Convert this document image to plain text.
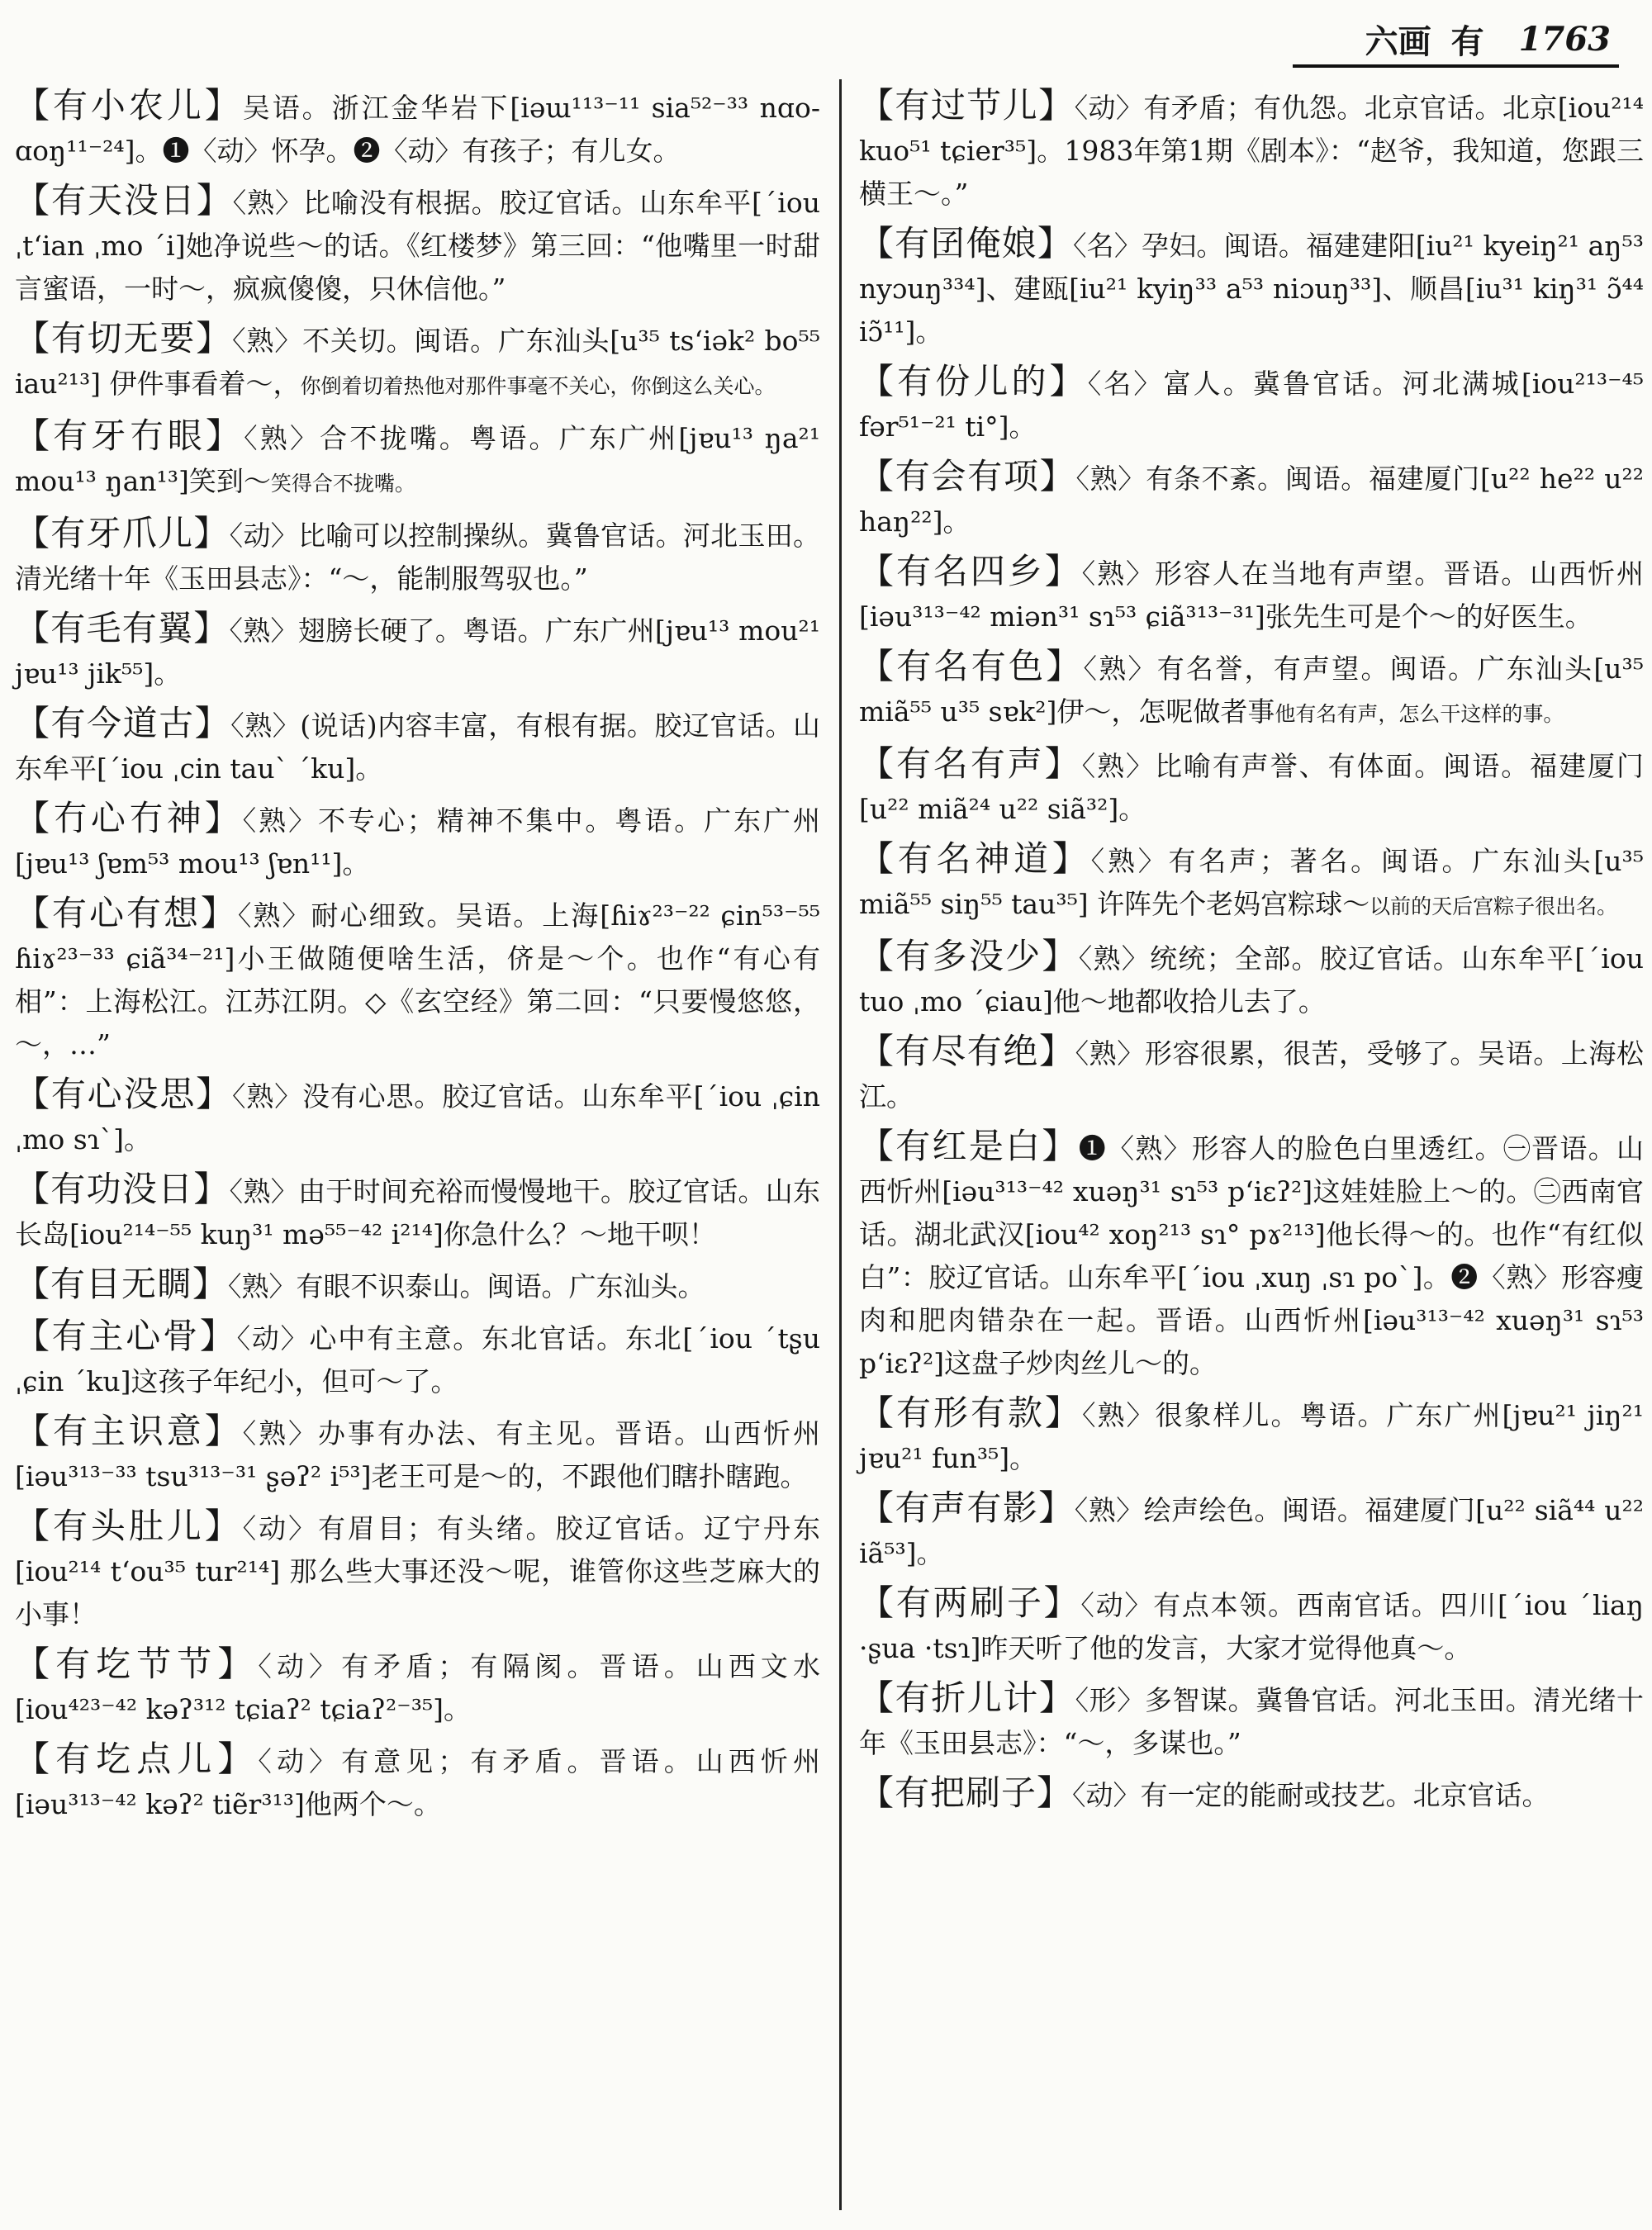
六画 有 1763
【有小农儿】吴语。浙江金华岩下[iəɯ¹¹³⁻¹¹ sia⁵²⁻³³ nɑo-ɑoŋ¹¹⁻²⁴]。❶〈动〉怀孕。❷〈动〉有孩子；有儿女。
【有天没日】〈熟〉比喻没有根据。胶辽官话。山东牟平[ˊiou ˌtʻian ˌmo ˊi]她净说些～的话。《红楼梦》第三回：“他嘴里一时甜言蜜语，一时～，疯疯傻傻，只休信他。”
【有切无要】〈熟〉不关切。闽语。广东汕头[u³⁵ tsʻiək² bo⁵⁵ iau²¹³] 伊件事看着～，你倒着切着热他对那件事毫不关心，你倒这么关心。
【有牙冇眼】〈熟〉合不拢嘴。粤语。广东广州[jɐu¹³ ŋa²¹ mou¹³ ŋan¹³]笑到～笑得合不拢嘴。
【有牙爪儿】〈动〉比喻可以控制操纵。冀鲁官话。河北玉田。清光绪十年《玉田县志》：“～，能制服驾驭也。”
【有毛有翼】〈熟〉翅膀长硬了。粤语。广东广州[jɐu¹³ mou²¹ jɐu¹³ jik⁵⁵]。
【有今道古】〈熟〉(说话)内容丰富，有根有据。胶辽官话。山东牟平[ˊiou ˌcin tauˋ ˊku]。
【冇心冇神】〈熟〉不专心；精神不集中。粤语。广东广州[jɐu¹³ ʃɐm⁵³ mou¹³ ʃɐn¹¹]。
【有心有想】〈熟〉耐心细致。吴语。上海[ɦiɤ²³⁻²² ɕin⁵³⁻⁵⁵ ɦiɤ²³⁻³³ ɕiã³⁴⁻²¹]小王做随便啥生活，侪是～个。也作“有心有相”：上海松江。江苏江阴。◇《玄空经》第二回：“只要慢悠悠，～，…”
【有心没思】〈熟〉没有心思。胶辽官话。山东牟平[ˊiou ˌɕin ˌmo sɿˋ]。
【有功没日】〈熟〉由于时间充裕而慢慢地干。胶辽官话。山东长岛[iou²¹⁴⁻⁵⁵ kuŋ³¹ mə⁵⁵⁻⁴² i²¹⁴]你急什么？～地干呗！
【有目无睭】〈熟〉有眼不识泰山。闽语。广东汕头。
【有主心骨】〈动〉心中有主意。东北官话。东北[ˊiou ˊtʂu ˌɕin ˊku]这孩子年纪小，但可～了。
【有主识意】〈熟〉办事有办法、有主见。晋语。山西忻州[iəu³¹³⁻³³ tsu³¹³⁻³¹ ʂəʔ² i⁵³]老王可是～的，不跟他们瞎扑瞎跑。
【有头肚儿】〈动〉有眉目；有头绪。胶辽官话。辽宁丹东[iou²¹⁴ tʻou³⁵ tur²¹⁴] 那么些大事还没～呢，谁管你这些芝麻大的小事！
【有圪节节】〈动〉有矛盾；有隔阂。晋语。山西文水[iou⁴²³⁻⁴² kəʔ³¹² tɕiaʔ² tɕiaʔ²⁻³⁵]。
【有圪点儿】〈动〉有意见；有矛盾。晋语。山西忻州[iəu³¹³⁻⁴² kəʔ² tiẽr³¹³]他两个～。
【有过节儿】〈动〉有矛盾；有仇怨。北京官话。北京[iou²¹⁴ kuo⁵¹ tɕier³⁵]。1983年第1期《剧本》：“赵爷，我知道，您跟三横王～。”
【有囝俺娘】〈名〉孕妇。闽语。福建建阳[iu²¹ kyeiŋ²¹ aŋ⁵³ nyɔuŋ³³⁴]、建瓯[iu²¹ kyiŋ³³ a⁵³ niɔuŋ³³]、顺昌[iu³¹ kiŋ³¹ ɔ̃⁴⁴ iɔ̃¹¹]。
【有份儿的】〈名〉富人。冀鲁官话。河北满城[iou²¹³⁻⁴⁵ fər⁵¹⁻²¹ ti°]。
【有会有项】〈熟〉有条不紊。闽语。福建厦门[u²² he²² u²² haŋ²²]。
【有名四乡】〈熟〉形容人在当地有声望。晋语。山西忻州[iəu³¹³⁻⁴² miən³¹ sɿ⁵³ ɕiã³¹³⁻³¹]张先生可是个～的好医生。
【有名有色】〈熟〉有名誉，有声望。闽语。广东汕头[u³⁵ miã⁵⁵ u³⁵ sɐk²]伊～，怎呢做者事他有名有声，怎么干这样的事。
【有名有声】〈熟〉比喻有声誉、有体面。闽语。福建厦门[u²² miã²⁴ u²² siã³²]。
【有名神道】〈熟〉有名声；著名。闽语。广东汕头[u³⁵ miã⁵⁵ siŋ⁵⁵ tau³⁵] 许阵先个老妈宫粽球～以前的天后宫粽子很出名。
【有多没少】〈熟〉统统；全部。胶辽官话。山东牟平[ˊiou tuo ˌmo ˊɕiau]他～地都收拾儿去了。
【有尽有绝】〈熟〉形容很累，很苦，受够了。吴语。上海松江。
【有红是白】❶〈熟〉形容人的脸色白里透红。㊀晋语。山西忻州[iəu³¹³⁻⁴² xuəŋ³¹ sɿ⁵³ pʻiɛʔ²]这娃娃脸上～的。㊁西南官话。湖北武汉[iou⁴² xoŋ²¹³ sɿ° pɤ²¹³]他长得～的。也作“有红似白”：胶辽官话。山东牟平[ˊiou ˌxuŋ ˌsɿ poˋ]。❷〈熟〉形容瘦肉和肥肉错杂在一起。晋语。山西忻州[iəu³¹³⁻⁴² xuəŋ³¹ sɿ⁵³ pʻiɛʔ²]这盘子炒肉丝儿～的。
【有形有款】〈熟〉很象样儿。粤语。广东广州[jɐu²¹ jiŋ²¹ jɐu²¹ fun³⁵]。
【有声有影】〈熟〉绘声绘色。闽语。福建厦门[u²² siã⁴⁴ u²² iã⁵³]。
【有两刷子】〈动〉有点本领。西南官话。四川[ˊiou ˊliaŋ ·ʂua ·tsɿ]昨天听了他的发言，大家才觉得他真～。
【有折儿计】〈形〉多智谋。冀鲁官话。河北玉田。清光绪十年《玉田县志》：“～，多谋也。”
【有把刷子】〈动〉有一定的能耐或技艺。北京官话。
